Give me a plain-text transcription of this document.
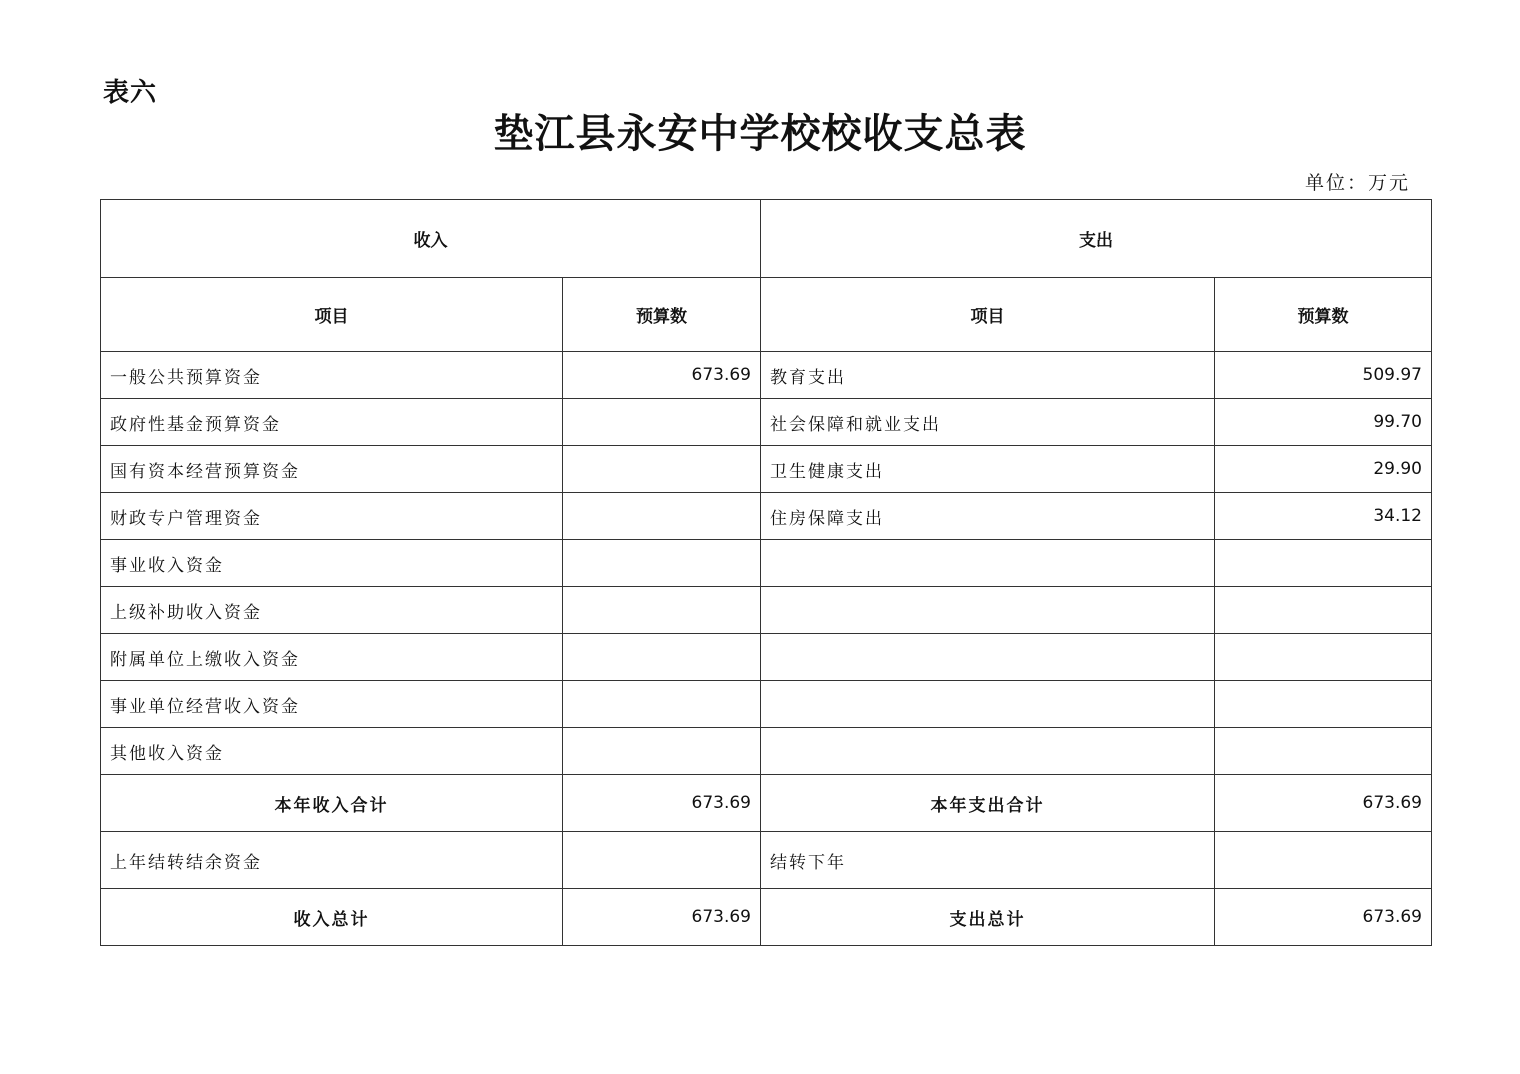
表六
垫江县永安中学校校收支总表
单位：万元
收入		支出	
项目	预算数	项目	预算数
一般公共预算资金	673.69	教育支出	509.97
政府性基金预算资金		社会保障和就业支出	99.70
国有资本经营预算资金		卫生健康支出	29.90
财政专户管理资金		住房保障支出	34.12
事业收入资金			
上级补助收入资金			
附属单位上缴收入资金			
事业单位经营收入资金			
其他收入资金			
本年收入合计	673.69	本年支出合计	673.69
上年结转结余资金		结转下年	
收入总计	673.69	支出总计	673.69
